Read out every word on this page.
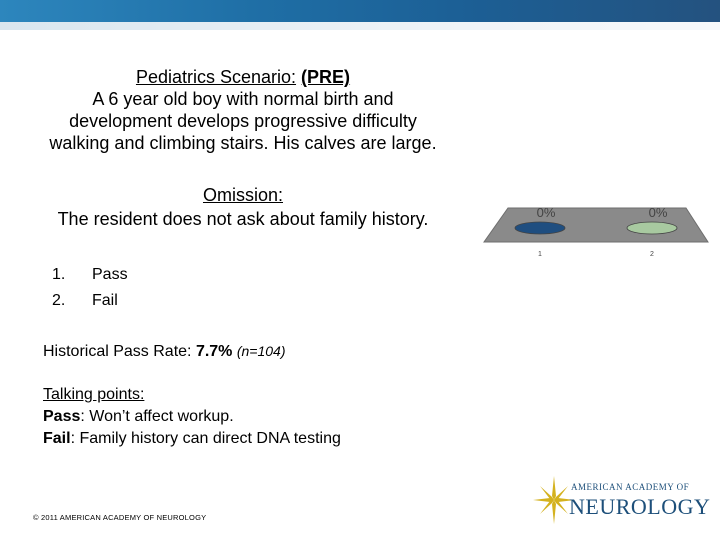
Pediatrics Scenario: (PRE)
A 6 year old boy with normal birth and
development develops progressive difficulty
walking and climbing stairs. His calves are large.
Omission:
The resident does not ask about family history.
1.	Pass
2.	Fail
Historical Pass Rate: 7.7% (n=104)
Talking points:
Pass: Won’t affect workup.
Fail: Family history can direct DNA testing
© 2011 AMERICAN ACADEMY OF NEUROLOGY
0%
1
0%
2
AMERICAN ACADEMY OF
NEUROLOGY
